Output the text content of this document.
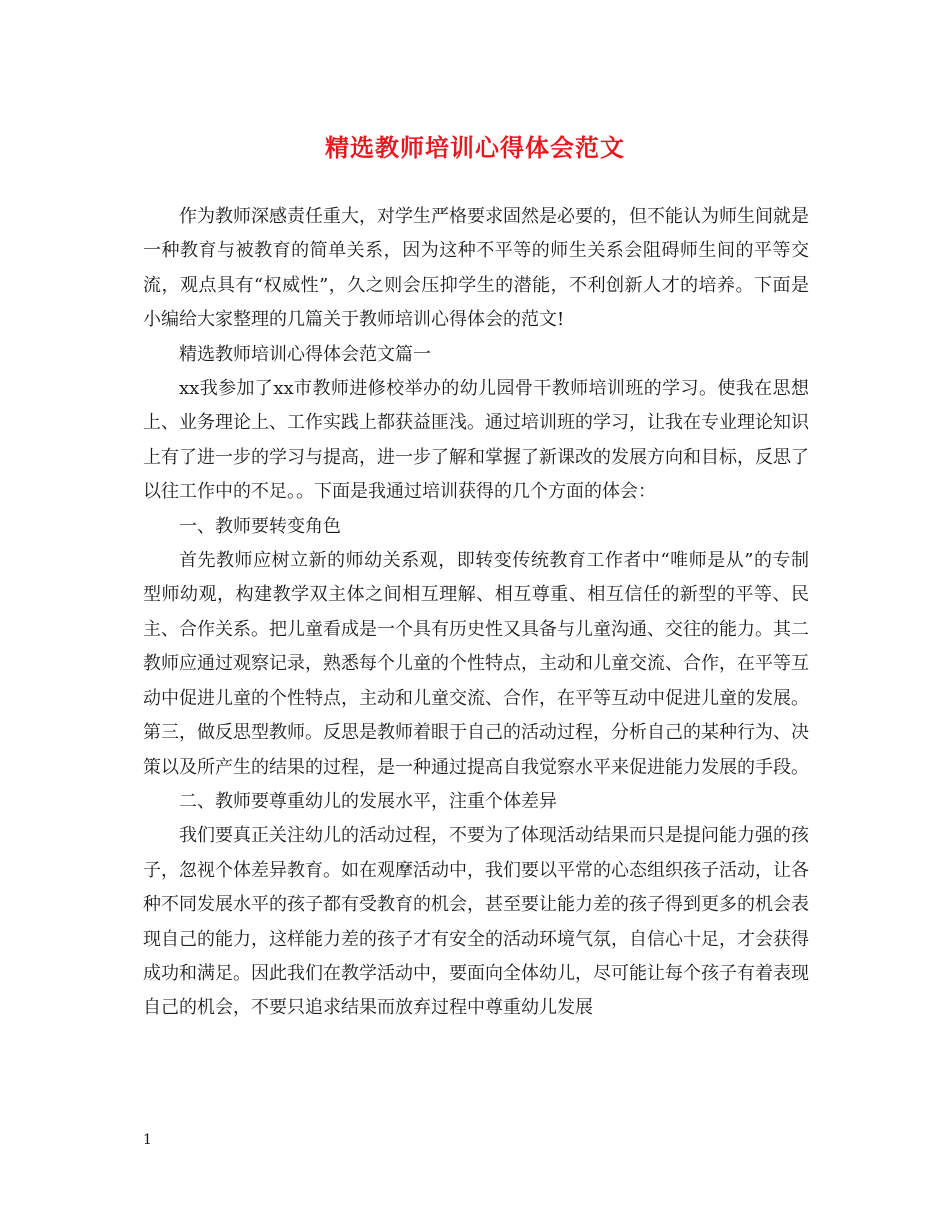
精选教师培训心得体会范文

作为教师深感责任重大，对学生严格要求固然是必要的，但不能认为师生间就是一种教育与被教育的简单关系，因为这种不平等的师生关系会阻碍师生间的平等交流，观点具有“权威性”，久之则会压抑学生的潜能，不利创新人才的培养。下面是小编给大家整理的几篇关于教师培训心得体会的范文!

精选教师培训心得体会范文篇一

xx我参加了xx市教师进修校举办的幼儿园骨干教师培训班的学习。使我在思想上、业务理论上、工作实践上都获益匪浅。通过培训班的学习，让我在专业理论知识上有了进一步的学习与提高，进一步了解和掌握了新课改的发展方向和目标，反思了以往工作中的不足。。下面是我通过培训获得的几个方面的体会：

一、教师要转变角色

首先教师应树立新的师幼关系观，即转变传统教育工作者中“唯师是从”的专制型师幼观，构建教学双主体之间相互理解、相互尊重、相互信任的新型的平等、民主、合作关系。把儿童看成是一个具有历史性又具备与儿童沟通、交往的能力。其二教师应通过观察记录，熟悉每个儿童的个性特点，主动和儿童交流、合作，在平等互动中促进儿童的个性特点，主动和儿童交流、合作，在平等互动中促进儿童的发展。第三，做反思型教师。反思是教师着眼于自己的活动过程，分析自己的某种行为、决策以及所产生的结果的过程，是一种通过提高自我觉察水平来促进能力发展的手段。

二、教师要尊重幼儿的发展水平，注重个体差异

我们要真正关注幼儿的活动过程，不要为了体现活动结果而只是提问能力强的孩子，忽视个体差异教育。如在观摩活动中，我们要以平常的心态组织孩子活动，让各种不同发展水平的孩子都有受教育的机会，甚至要让能力差的孩子得到更多的机会表现自己的能力，这样能力差的孩子才有安全的活动环境气氛，自信心十足，才会获得成功和满足。因此我们在教学活动中，要面向全体幼儿，尽可能让每个孩子有着表现自己的机会，不要只追求结果而放弃过程中尊重幼儿发展

1
